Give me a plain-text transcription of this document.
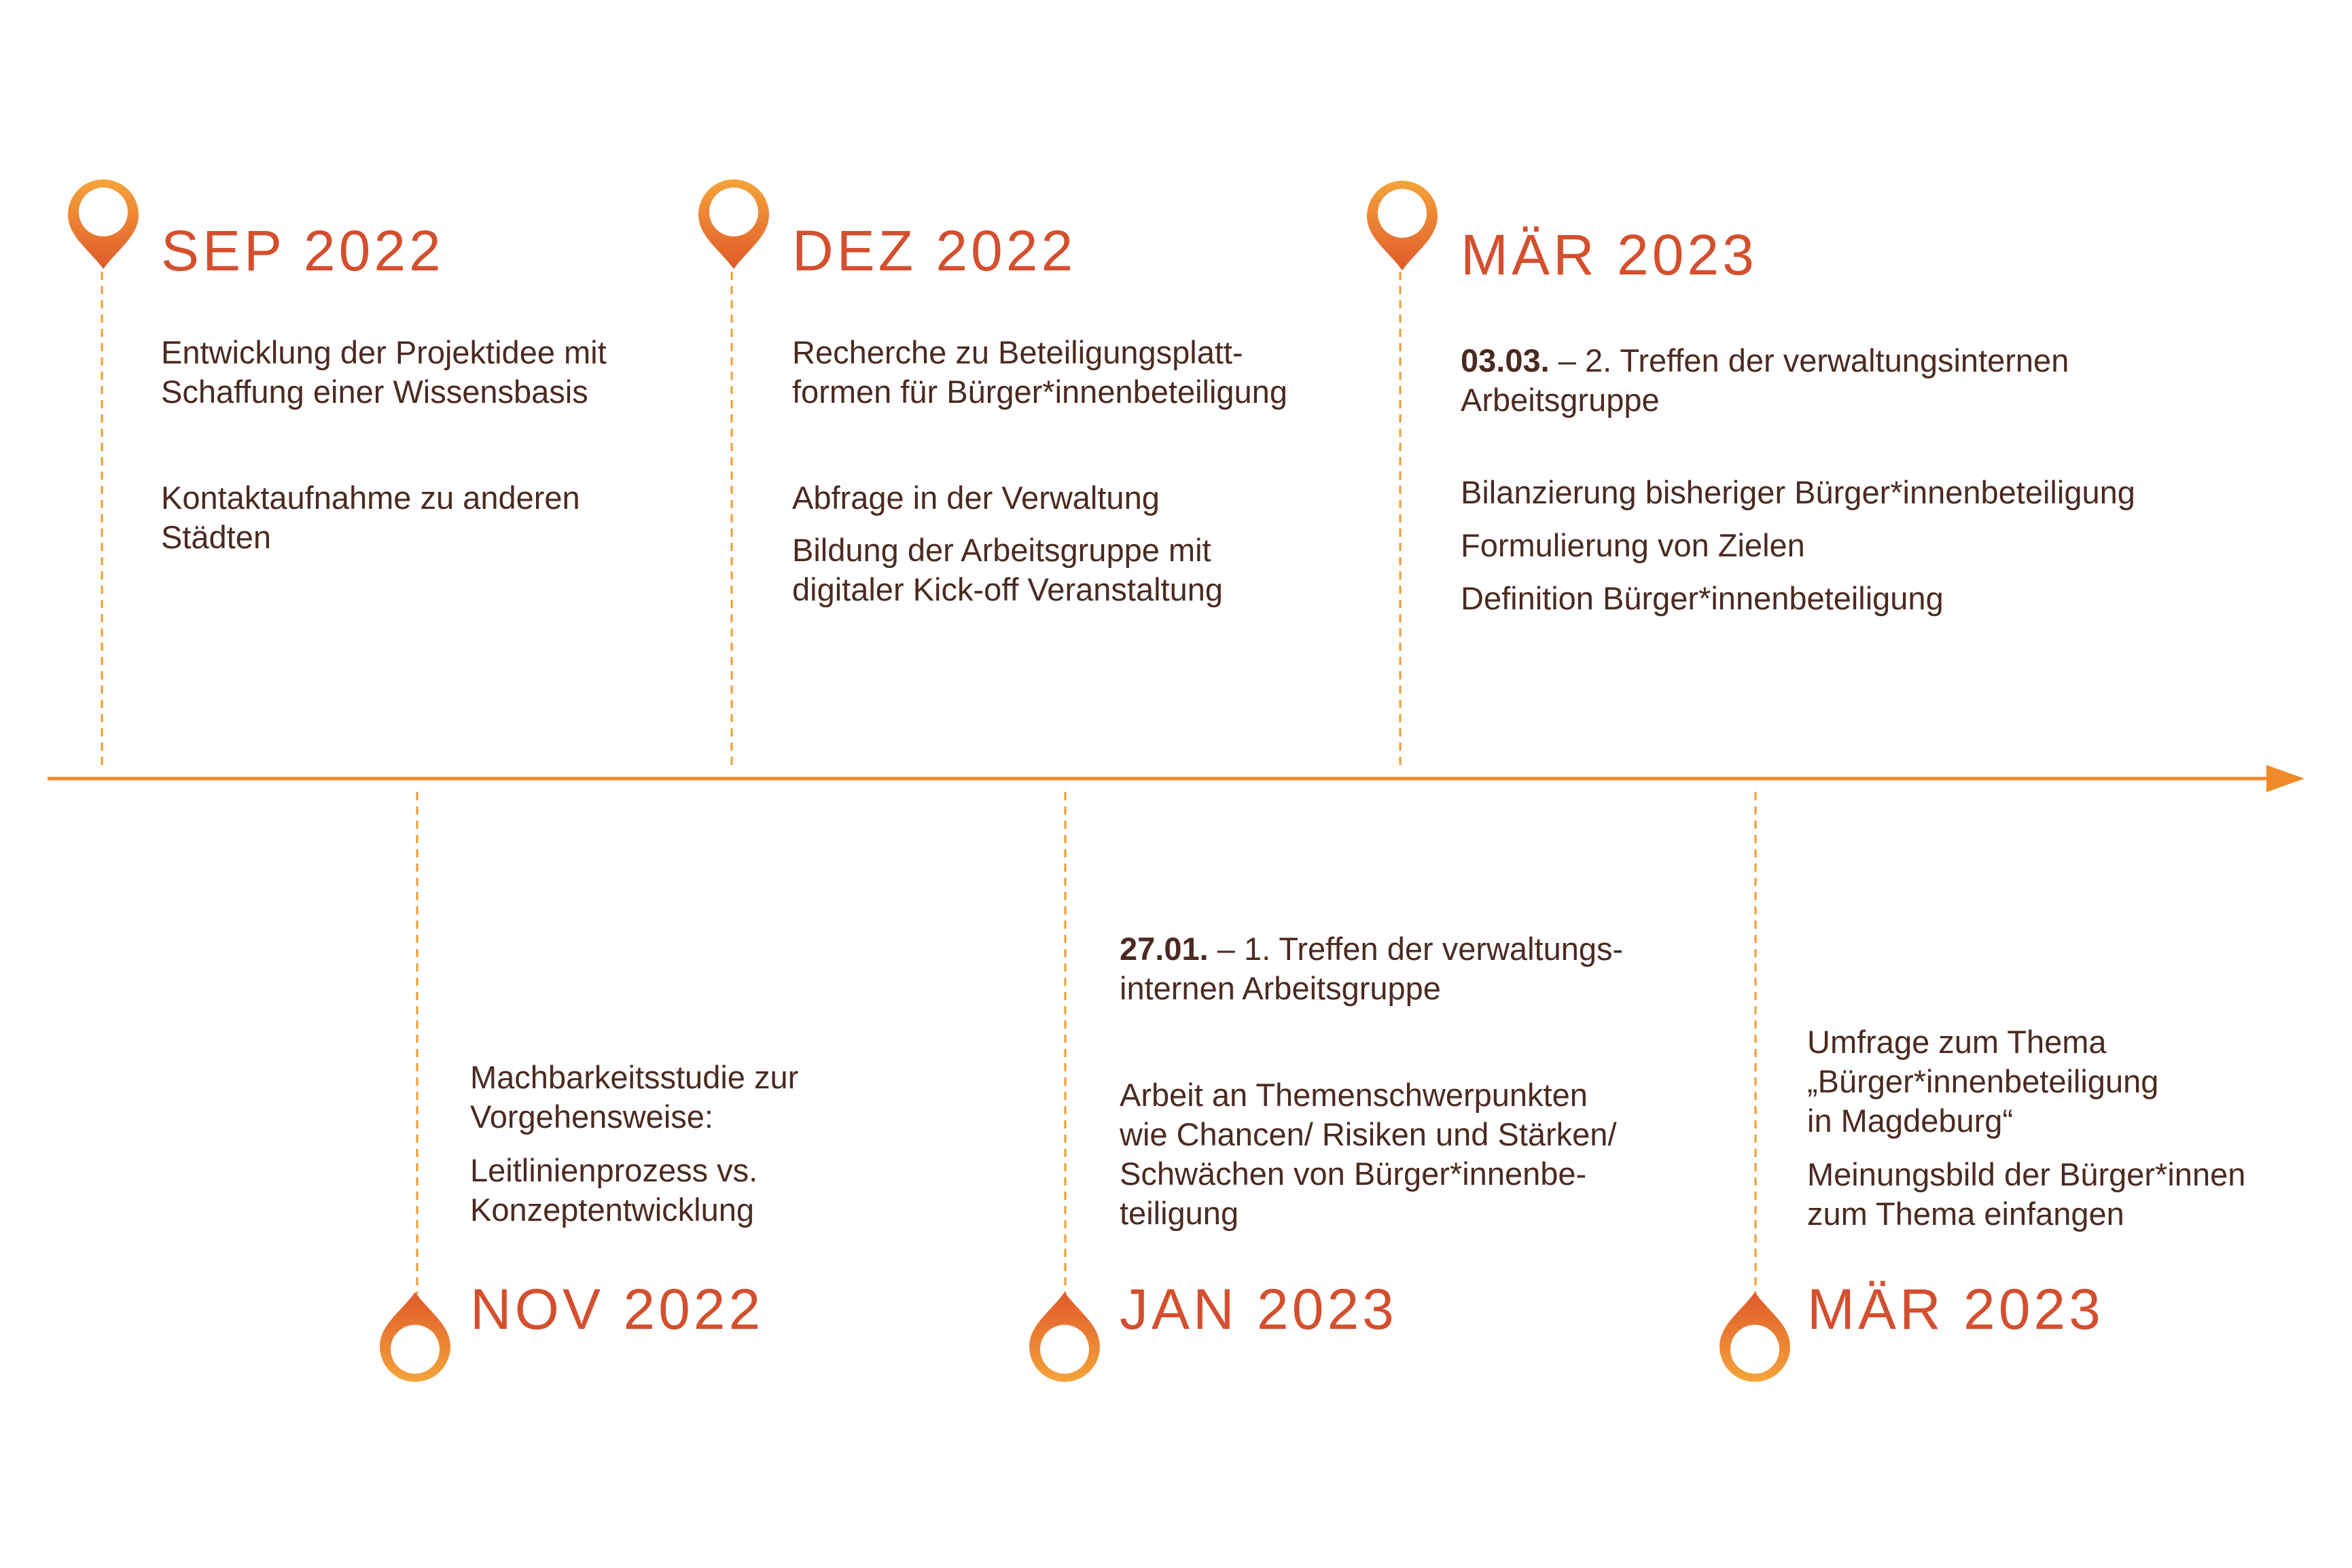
SEP 2022

Entwicklung der Projektidee mit
Schaffung einer Wissensbasis

Kontaktaufnahme zu anderen
Städten

DEZ 2022

Recherche zu Beteiligungsplatt-
formen für Bürger*innenbeteiligung

Abfrage in der Verwaltung

Bildung der Arbeitsgruppe mit
digitaler Kick-off Veranstaltung

MÄR 2023

03.03. – 2. Treffen der verwaltungsinternen
Arbeitsgruppe

Bilanzierung bisheriger Bürger*innenbeteiligung

Formulierung von Zielen

Definition Bürger*innenbeteiligung

Machbarkeitsstudie zur
Vorgehensweise:

Leitlinienprozess vs.
Konzeptentwicklung

NOV 2022

27.01. – 1. Treffen der verwaltungs-
internen Arbeitsgruppe

Arbeit an Themenschwerpunkten
wie Chancen/ Risiken und Stärken/
Schwächen von Bürger*innenbe-
teiligung

JAN 2023

Umfrage zum Thema
„Bürger*innenbeteiligung
in Magdeburg“

Meinungsbild der Bürger*innen
zum Thema einfangen

MÄR 2023
